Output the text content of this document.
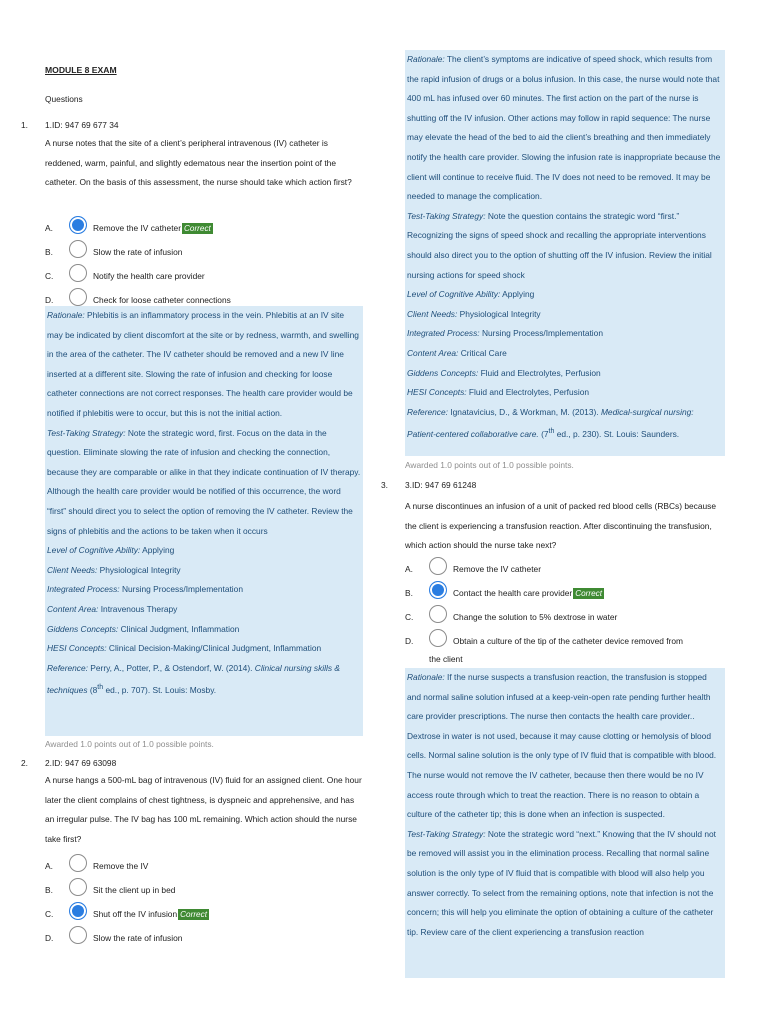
MODULE 8 EXAM
Questions
1. 1.ID: 947 69 677 34
A nurse notes that the site of a client’s peripheral intravenous (IV) catheter is reddened, warm, painful, and slightly edematous near the insertion point of the catheter. On the basis of this assessment, the nurse should take which action first?
A.	Remove the IV catheter Correct
B.	Slow the rate of infusion
C.	Notify the health care provider
D.	Check for loose catheter connections
Rationale: Phlebitis is an inflammatory process in the vein. Phlebitis at an IV site may be indicated by client discomfort at the site or by redness, warmth, and swelling in the area of the catheter. The IV catheter should be removed and a new IV line inserted at a different site. Slowing the rate of infusion and checking for loose catheter connections are not correct responses. The health care provider would be notified if phlebitis were to occur, but this is not the initial action.
Test-Taking Strategy: Note the strategic word, first. Focus on the data in the question. Eliminate slowing the rate of infusion and checking the connection, because they are comparable or alike in that they indicate continuation of IV therapy. Although the health care provider would be notified of this occurrence, the word “first” should direct you to select the option of removing the IV catheter. Review the signs of phlebitis and the actions to be taken when it occurs
Level of Cognitive Ability: Applying
Client Needs: Physiological Integrity
Integrated Process: Nursing Process/Implementation
Content Area: Intravenous Therapy
Giddens Concepts: Clinical Judgment, Inflammation
HESI Concepts: Clinical Decision-Making/Clinical Judgment, Inflammation
Reference: Perry, A., Potter, P., & Ostendorf, W. (2014). Clinical nursing skills & techniques (8th ed., p. 707). St. Louis: Mosby.
Awarded 1.0 points out of 1.0 possible points.
2. 2.ID: 947 69 63098
A nurse hangs a 500-mL bag of intravenous (IV) fluid for an assigned client. One hour later the client complains of chest tightness, is dyspneic and apprehensive, and has an irregular pulse. The IV bag has 100 mL remaining. Which action should the nurse take first?
A.	Remove the IV
B.	Sit the client up in bed
C.	Shut off the IV infusion Correct
D.	Slow the rate of infusion
Rationale: The client’s symptoms are indicative of speed shock, which results from the rapid infusion of drugs or a bolus infusion. In this case, the nurse would note that 400 mL has infused over 60 minutes. The first action on the part of the nurse is shutting off the IV infusion. Other actions may follow in rapid sequence: The nurse may elevate the head of the bed to aid the client’s breathing and then immediately notify the health care provider. Slowing the infusion rate is inappropriate because the client will continue to receive fluid. The IV does not need to be removed. It may be needed to manage the complication.
Test-Taking Strategy: Note the question contains the strategic word “first.” Recognizing the signs of speed shock and recalling the appropriate interventions should also direct you to the option of shutting off the IV infusion. Review the initial nursing actions for speed shock
Level of Cognitive Ability: Applying
Client Needs: Physiological Integrity
Integrated Process: Nursing Process/Implementation
Content Area: Critical Care
Giddens Concepts: Fluid and Electrolytes, Perfusion
HESI Concepts: Fluid and Electrolytes, Perfusion
Reference: Ignatavicius, D., & Workman, M. (2013). Medical-surgical nursing: Patient-centered collaborative care. (7th ed., p. 230). St. Louis: Saunders.
Awarded 1.0 points out of 1.0 possible points.
3. 3.ID: 947 69 61248
A nurse discontinues an infusion of a unit of packed red blood cells (RBCs) because the client is experiencing a transfusion reaction. After discontinuing the transfusion, which action should the nurse take next?
A.	Remove the IV catheter
B.	Contact the health care provider Correct
C.	Change the solution to 5% dextrose in water
D.	Obtain a culture of the tip of the catheter device removed from
the client
Rationale: If the nurse suspects a transfusion reaction, the transfusion is stopped and normal saline solution infused at a keep-vein-open rate pending further health care provider prescriptions. The nurse then contacts the health care provider.. Dextrose in water is not used, because it may cause clotting or hemolysis of blood cells. Normal saline solution is the only type of IV fluid that is compatible with blood. The nurse would not remove the IV catheter, because then there would be no IV access route through which to treat the reaction. There is no reason to obtain a culture of the catheter tip; this is done when an infection is suspected.
Test-Taking Strategy: Note the strategic word “next.” Knowing that the IV should not be removed will assist you in the elimination process. Recalling that normal saline solution is the only type of IV fluid that is compatible with blood will also help you answer correctly. To select from the remaining options, note that infection is not the concern; this will help you eliminate the option of obtaining a culture of the catheter tip. Review care of the client experiencing a transfusion reaction
